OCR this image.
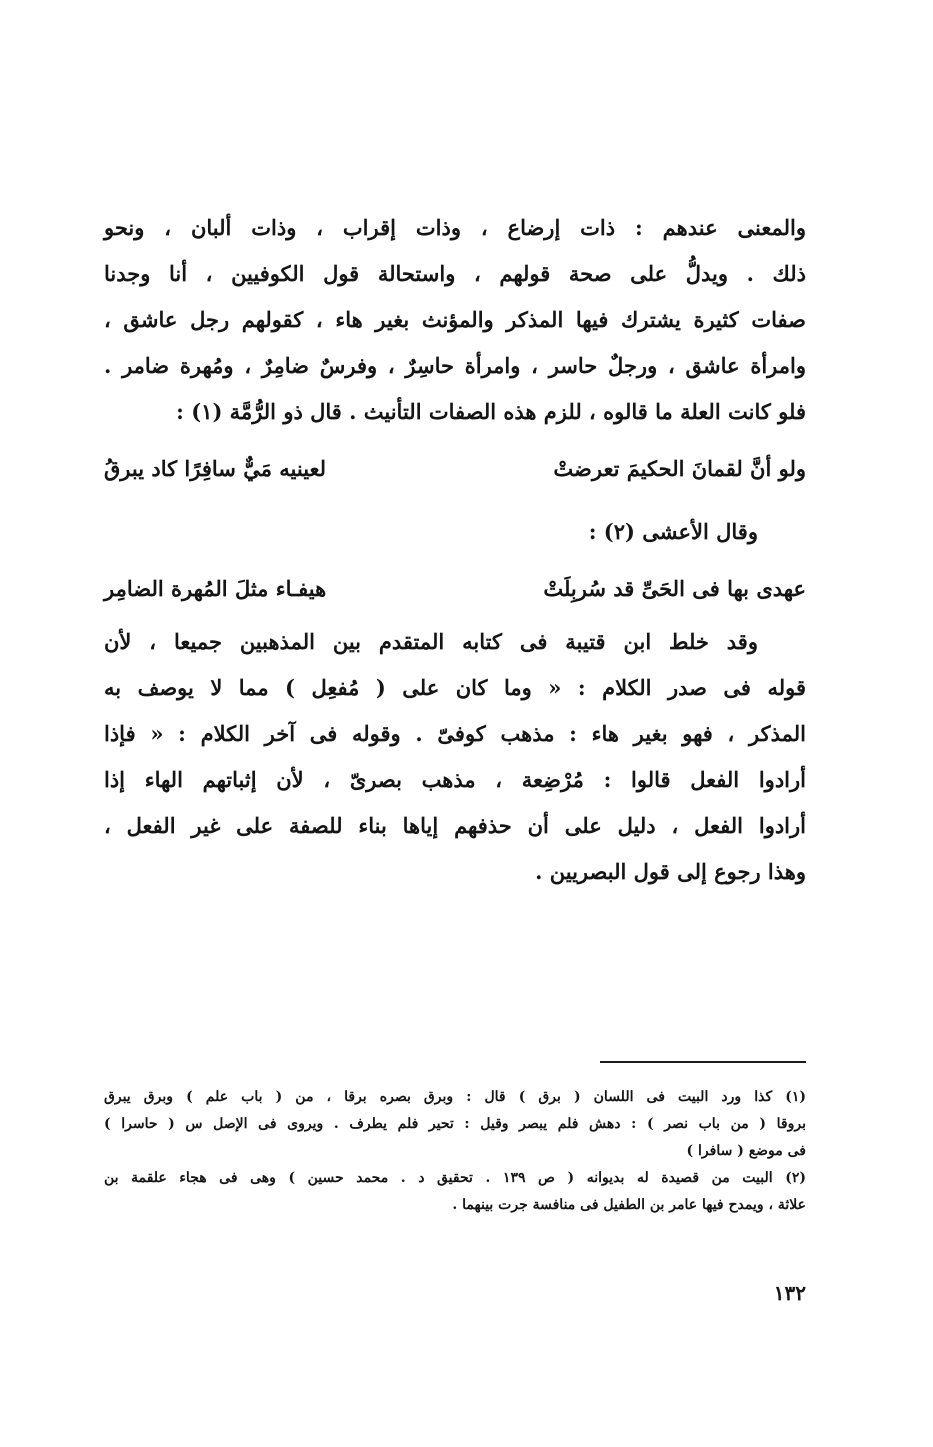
والمعنى عندهم : ذات إرضاع ، وذات إقراب ، وذات ألبان ، ونحو
ذلك . ويدلُّ على صحة قولهم ، واستحالة قول الكوفيين ، أنا وجدنا
صفات كثيرة يشترك فيها المذكر والمؤنث بغير هاء ، كقولهم رجل عاشق ،
وامرأة عاشق ، ورجلٌ حاسر ، وامرأة حاسِرٌ ، وفرسٌ ضامِرٌ ، ومُهرة ضامر .
فلو كانت العلة ما قالوه ، للزم هذه الصفات التأنيث . قال ذو الرُّمَّة (١) :
ولو أنَّ لقمانَ الحكيمَ تعرضتْ
لعينيه مَيٌّ سافِرًا كاد يبرقُ
وقال الأعشى (٢) :
عهدى بها فى الحَىِّ قد سُربِلَتْ
هيفـاء مثلَ المُهرة الضامِر
وقد خلط ابن قتيبة فى كتابه المتقدم بين المذهبين جميعا ، لأن
قوله فى صدر الكلام : « وما كان على ( مُفعِل ) مما لا يوصف به
المذكر ، فهو بغير هاء : مذهب كوفىّ . وقوله فى آخر الكلام : « فإذا
أرادوا الفعل قالوا : مُرْضِعة ، مذهب بصرىّ ، لأن إثباتهم الهاء إذا
أرادوا الفعل ، دليل على أن حذفهم إياها بناء للصفة على غير الفعل ،
وهذا رجوع إلى قول البصريين .
(١) كذا ورد البيت فى اللسان ( برق ) قال : وبرق بصره برقا ، من ( باب علم ) وبرق يبرق
بروقا ( من باب نصر ) : دهش فلم يبصر وقيل : تحير فلم يطرف . ويروى فى الإصل س ( حاسرا )
فى موضع ( سافرا )
(٢) البيت من قصيدة له بديوانه ( ص ١٣٩ . تحقيق د . محمد حسين ) وهى فى هجاء علقمة بن
علاثة ، ويمدح فيها عامر بن الطفيل فى منافسة جرت بينهما .
١٣٢
